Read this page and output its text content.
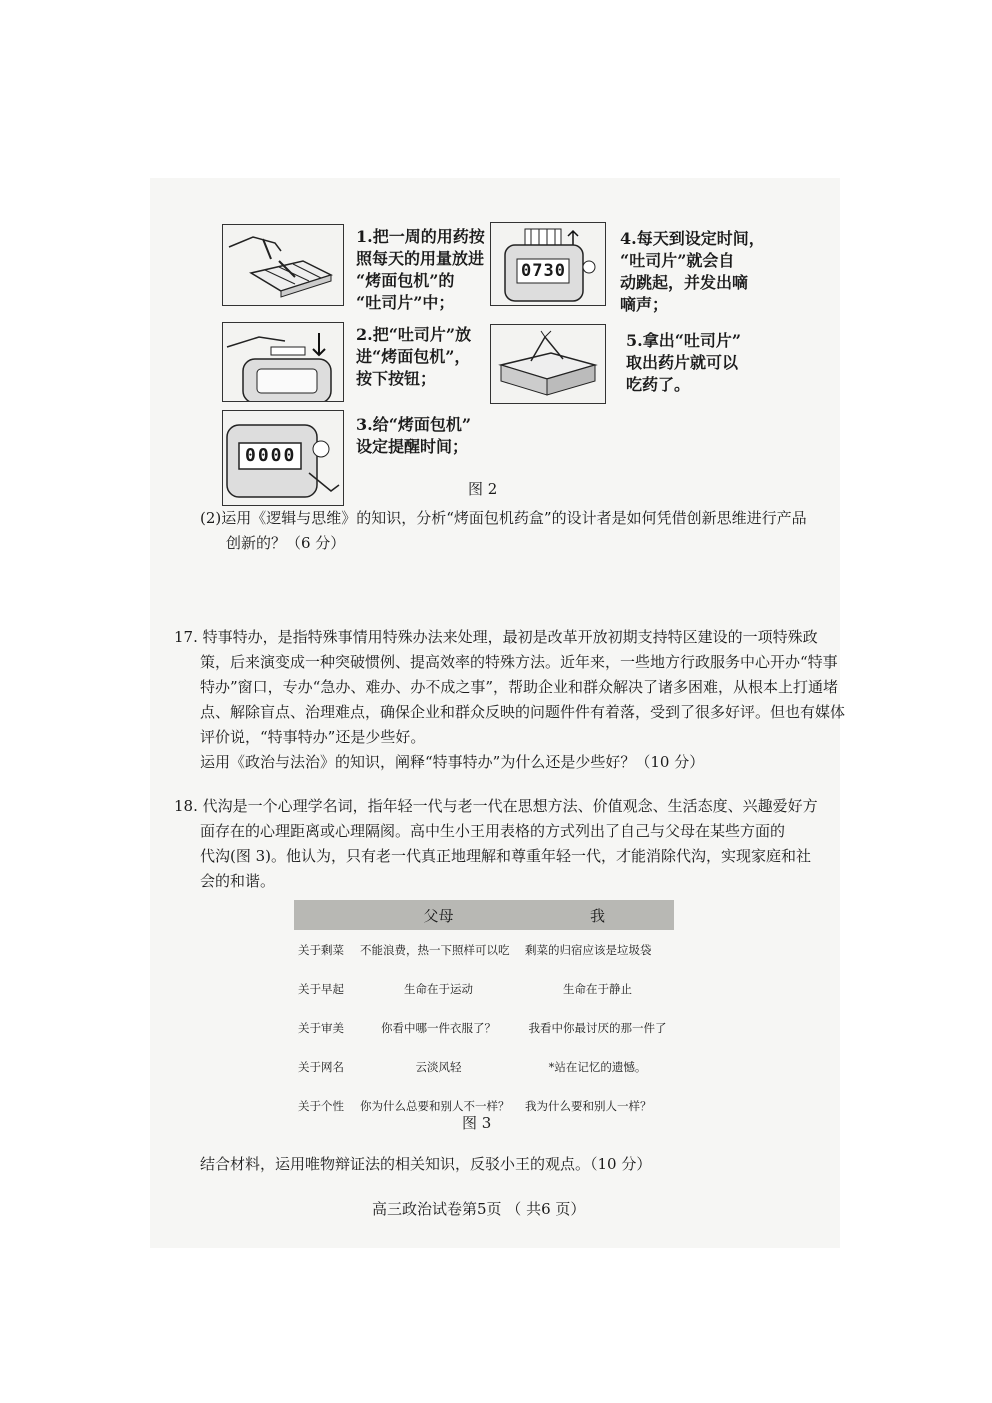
1.把一周的用药按
照每天的用量放进
“烤面包机”的
“吐司片”中；
2.把“吐司片”放
进“烤面包机”，
按下按钮；
0000
3.给“烤面包机”
设定提醒时间；
0730
4.每天到设定时间，
“吐司片”就会自
动跳起，并发出嘀
嘀声；
5.拿出“吐司片”
取出药片就可以
吃药了。
图 2
(2)运用《逻辑与思维》的知识，分析“烤面包机药盒”的设计者是如何凭借创新思维进行产品
创新的？（6 分）
17. 特事特办，是指特殊事情用特殊办法来处理，最初是改革开放初期支持特区建设的一项特殊政
策，后来演变成一种突破惯例、提高效率的特殊方法。近年来，一些地方行政服务中心开办“特事
特办”窗口，专办“急办、难办、办不成之事”，帮助企业和群众解决了诸多困难，从根本上打通堵
点、解除盲点、治理难点，确保企业和群众反映的问题件件有着落，受到了很多好评。但也有媒体
评价说，“特事特办”还是少些好。
运用《政治与法治》的知识，阐释“特事特办”为什么还是少些好？（10 分）
18. 代沟是一个心理学名词，指年轻一代与老一代在思想方法、价值观念、生活态度、兴趣爱好方
面存在的心理距离或心理隔阂。高中生小王用表格的方式列出了自己与父母在某些方面的
代沟(图 3)。他认为，只有老一代真正地理解和尊重年轻一代，才能消除代沟，实现家庭和社
会的和谐。
	父母	我
关于剩菜	不能浪费，热一下照样可以吃	剩菜的归宿应该是垃圾袋
关于早起	生命在于运动	生命在于静止
关于审美	你看中哪一件衣服了？	我看中你最讨厌的那一件了
关于网名	云淡风轻	*站在记忆的遗憾。
关于个性	你为什么总要和别人不一样？	我为什么要和别人一样？
图 3
结合材料，运用唯物辩证法的相关知识，反驳小王的观点。（10 分）
高三政治试卷第5页 （ 共6 页）
